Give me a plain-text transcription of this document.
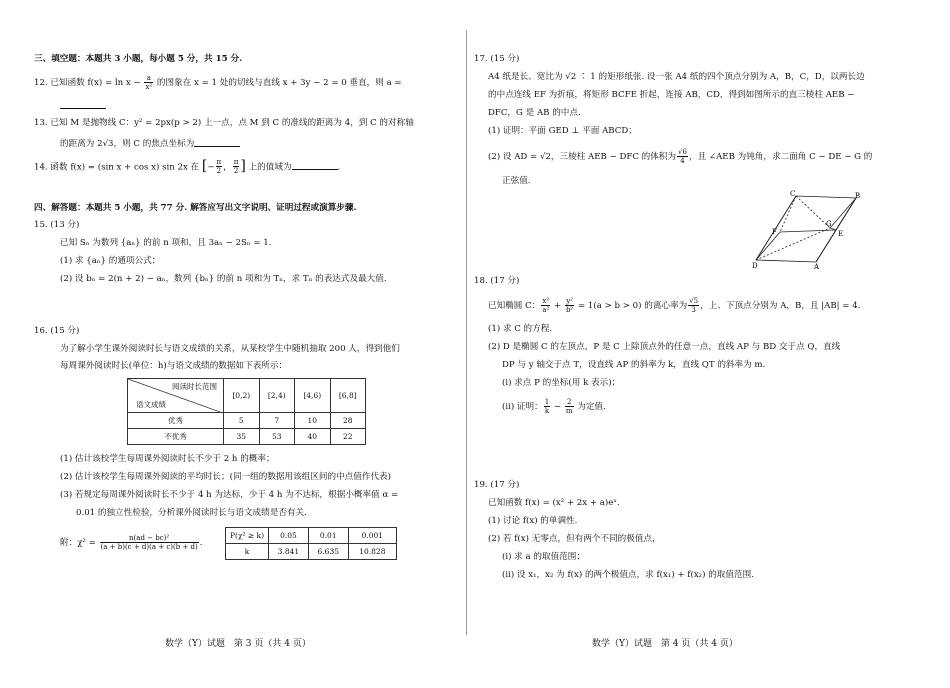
三、填空题：本题共 3 小题，每小题 5 分，共 15 分.
12. 已知函数 $f(x) = \ln x - \frac{a}{\text{x²}}$ 的图象在 x = 1 处的切线与直线 x + 3y − 2 = 0 垂直，则 a =
13. 已知 M 是抛物线 C：y² = 2px(p > 2) 上一点，点 M 到 C 的准线的距离为 4，到 C 的对称轴
的距离为 2√3，则 C 的焦点坐标为
14. 函数 f(x) = (sin x + cos x) sin 2x 在 [− $\frac{\pi}{2}$ ， $\frac{\pi}{2}$ ] 上的值域为	.
四、解答题：本题共 5 小题，共 77 分. 解答应写出文字说明、证明过程或演算步骤.
15. (13 分)
已知 Sₙ 为数列 {aₙ} 的前 n 项和，且 3aₙ − 2Sₙ = 1.
(1) 求 {aₙ} 的通项公式；
(2) 设 bₙ = 2(n + 2) − aₙ，数列 {bₙ} 的前 n 项和为 Tₙ，求 Tₙ 的表达式及最大值.
16. (15 分)
为了解小学生课外阅读时长与语文成绩的关系，从某校学生中随机抽取 200 人，得到他们
每周课外阅读时长(单位：h)与语文成绩的数据如下表所示：
阅读时长范围
语文成绩	[0,2)	[2,4)	[4,6)	[6,8]
优秀	5	7	10	28
不优秀	35	53	40	22
(1) 估计该校学生每周课外阅读时长不少于 2 h 的概率；
(2) 估计该校学生每周课外阅读的平均时长；(同一组的数据用该组区间的中点值作代表)
(3) 若规定每周课外阅读时长不少于 4 h 为达标，少于 4 h 为不达标，根据小概率值 α =
0.01 的独立性检验，分析课外阅读时长与语文成绩是否有关.
附：$\chi^2 = \frac{\text{n(ad − bc)²}}{(a + b)(c + d)(a + c)(b + d)}$ .
P(χ² ≥ k)	0.05	0.01	0.001
k	3.841	6.635	10.828
数学（Y）试题　第 3 页（共 4 页）
17. (15 分)
A4 纸是长、宽比为 √2 ∶ 1 的矩形纸张. 设一张 A4 纸的四个顶点分别为 A，B，C，D，以两长边
的中点连线 EF 为折痕，将矩形 BCFE 折起，连接 AB，CD，得到如图所示的直三棱柱 AEB −
DFC，G 是 AB 的中点.
(1) 证明：平面 GED ⊥ 平面 ABCD；
(2) 设 AD = √2，三棱柱 AEB − DFC 的体积为 $\frac{√6}{4}$ ，且 ∠AEB 为钝角，求二面角 C − DE − G 的
正弦值.
C	B
F
G
E
D	A
18. (17 分)
已知椭圆 C： $\frac{\text{x²}}{\text{a²}} + \frac{\text{y²}}{\text{b²}} = 1(a > b > 0)$ 的离心率为 $\frac{√5}{3}$ ，上、下顶点分别为 A，B，且 |AB| = 4.
(1) 求 C 的方程.
(2) D 是椭圆 C 的左顶点，P 是 C 上除顶点外的任意一点，直线 AP 与 BD 交于点 Q，直线
DP 与 y 轴交于点 T，设直线 AP 的斜率为 k，直线 QT 的斜率为 m.
(ⅰ) 求点 P 的坐标(用 k 表示)；
(ⅱ) 证明： $\frac{1}{k} - \frac{2}{m}$ 为定值.
19. (17 分)
已知函数 f(x) = (x² + 2x + a)eˣ.
(1) 讨论 f(x) 的单调性.
(2) 若 f(x) 无零点，但有两个不同的极值点，
(ⅰ) 求 a 的取值范围；
(ⅱ) 设 x₁，x₂ 为 f(x) 的两个极值点，求 f(x₁) + f(x₂) 的取值范围.
数学（Y）试题　第 4 页（共 4 页）
